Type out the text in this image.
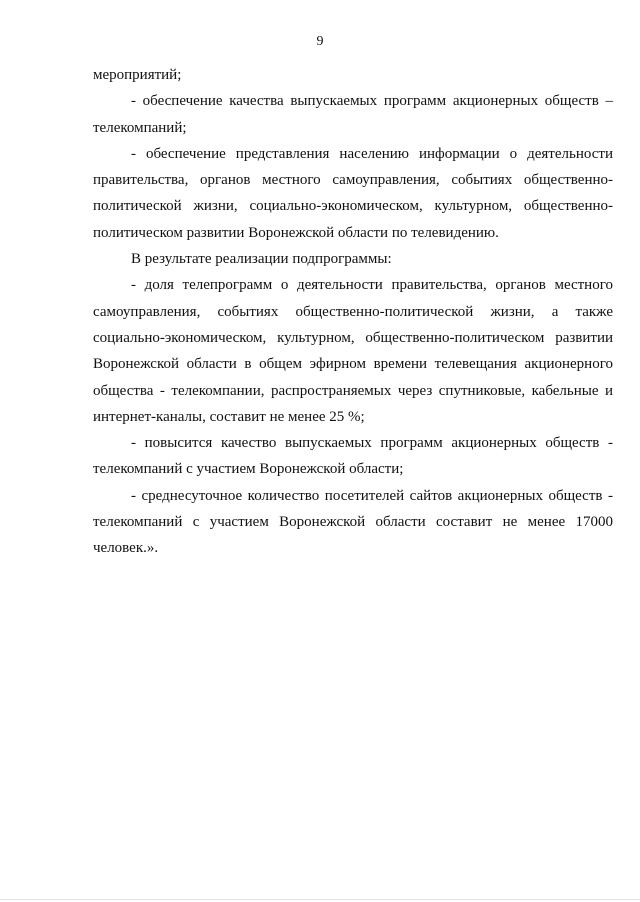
9

мероприятий;

- обеспечение качества выпускаемых программ акционерных обществ – телекомпаний;

- обеспечение представления населению информации о деятельности правительства, органов местного самоуправления, событиях общественно-политической жизни, социально-экономическом, культурном, общественно-политическом развитии Воронежской области по телевидению.

В результате реализации подпрограммы:

- доля телепрограмм о деятельности правительства, органов местного самоуправления, событиях общественно-политической жизни, а также социально-экономическом, культурном, общественно-политическом развитии Воронежской области в общем эфирном времени телевещания акционерного общества - телекомпании, распространяемых через спутниковые, кабельные и интернет-каналы, составит не менее 25 %;

- повысится качество выпускаемых программ акционерных обществ - телекомпаний с участием Воронежской области;

- среднесуточное количество посетителей сайтов акционерных обществ - телекомпаний с участием Воронежской области составит не менее 17000 человек.».
